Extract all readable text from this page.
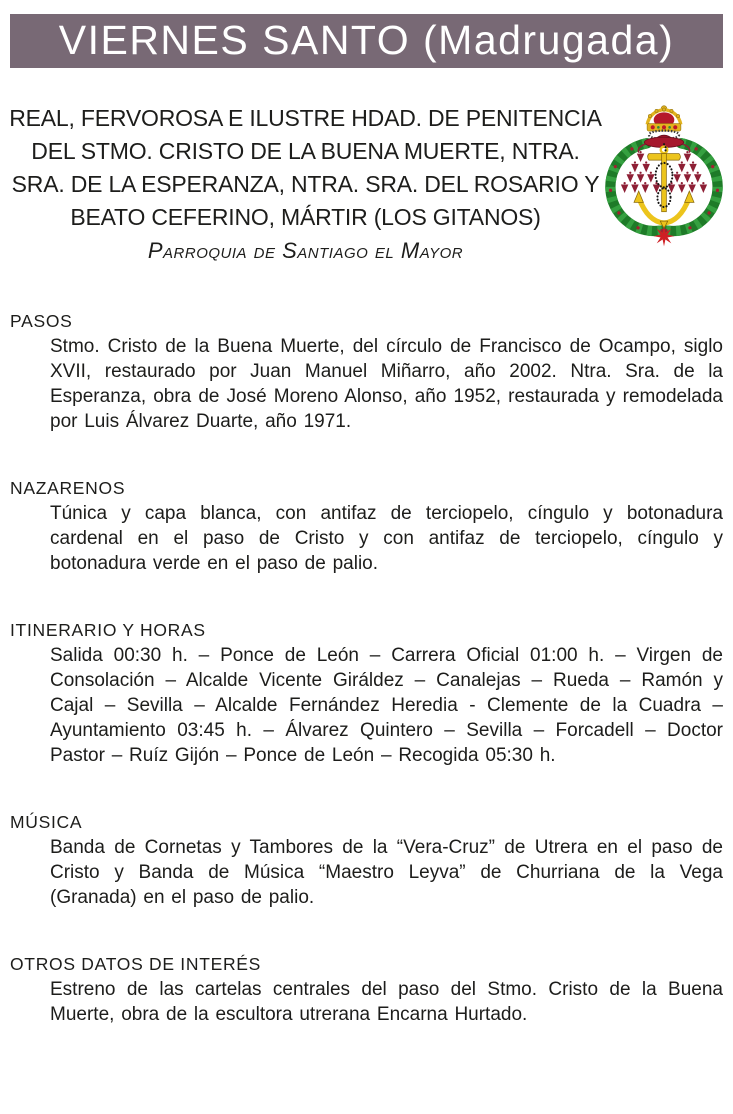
VIERNES SANTO (Madrugada)
REAL, FERVOROSA E ILUSTRE HDAD. DE PENITENCIA
DEL STMO. CRISTO DE LA BUENA MUERTE, NTRA.
SRA. DE LA ESPERANZA, NTRA. SRA. DEL ROSARIO Y
BEATO CEFERINO, MÁRTIR (LOS GITANOS)
Parroquia de Santiago el Mayor
PASOS
Stmo. Cristo de la Buena Muerte, del círculo de Francisco de Ocampo, siglo XVII, restaurado por Juan Manuel Miñarro, año 2002. Ntra. Sra. de la Esperanza, obra de José Moreno Alonso, año 1952, restaurada y remodelada por Luis Álvarez Duarte, año 1971.
NAZARENOS
Túnica y capa blanca, con antifaz de terciopelo, cíngulo y botonadura cardenal en el paso de Cristo y con antifaz de terciopelo, cíngulo y botonadura verde en el paso de palio.
ITINERARIO Y HORAS
Salida 00:30 h. – Ponce de León – Carrera Oficial 01:00 h. – Virgen de Consolación – Alcalde Vicente Giráldez – Canalejas – Rueda – Ramón y Cajal – Sevilla – Alcalde Fernández Heredia - Clemente de la Cuadra – Ayuntamiento 03:45 h. – Álvarez Quintero – Sevilla – Forcadell – Doctor Pastor – Ruíz Gijón – Ponce de León – Recogida 05:30 h.
MÚSICA
Banda de Cornetas y Tambores de la “Vera-Cruz” de Utrera en el paso de Cristo y Banda de Música “Maestro Leyva” de Churriana de la Vega (Granada) en el paso de palio.
OTROS DATOS DE INTERÉS
Estreno de las cartelas centrales del paso del Stmo. Cristo de la Buena Muerte, obra de la escultora utrerana Encarna Hurtado.
